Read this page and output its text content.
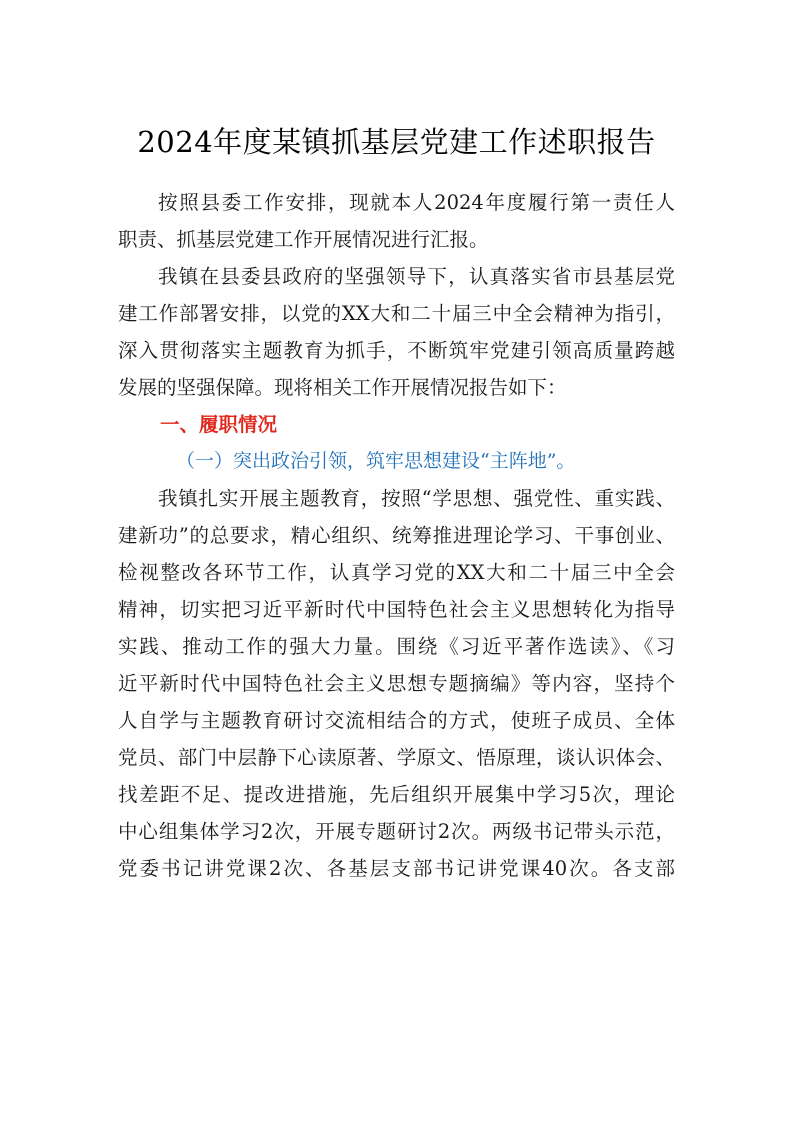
2024年度某镇抓基层党建工作述职报告
按照县委工作安排，现就本人2024年度履行第一责任人
职责、抓基层党建工作开展情况进行汇报。
我镇在县委县政府的坚强领导下，认真落实省市县基层党
建工作部署安排，以党的XX大和二十届三中全会精神为指引，
深入贯彻落实主题教育为抓手，不断筑牢党建引领高质量跨越
发展的坚强保障。现将相关工作开展情况报告如下：
一、履职情况
（一）突出政治引领，筑牢思想建设“主阵地”。
我镇扎实开展主题教育，按照“学思想、强党性、重实践、
建新功”的总要求，精心组织、统筹推进理论学习、干事创业、
检视整改各环节工作，认真学习党的XX大和二十届三中全会
精神，切实把习近平新时代中国特色社会主义思想转化为指导
实践、推动工作的强大力量。围绕《习近平著作选读》、《习
近平新时代中国特色社会主义思想专题摘编》等内容，坚持个
人自学与主题教育研讨交流相结合的方式，使班子成员、全体
党员、部门中层静下心读原著、学原文、悟原理，谈认识体会、
找差距不足、提改进措施，先后组织开展集中学习5次，理论
中心组集体学习2次，开展专题研讨2次。两级书记带头示范，
党委书记讲党课2次、各基层支部书记讲党课40次。各支部
